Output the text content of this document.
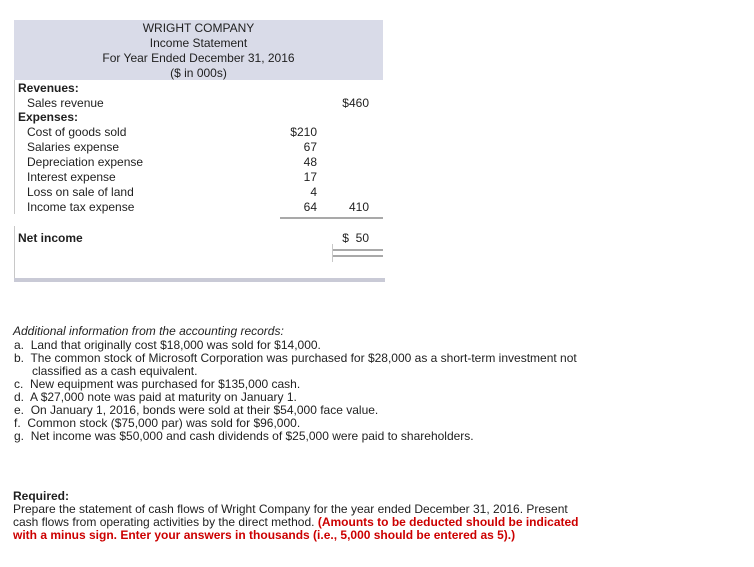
WRIGHT COMPANY
Income Statement
For Year Ended December 31, 2016
($ in 000s)
Revenues:
Sales revenue	$460
Expenses:
Cost of goods sold	$210
Salaries expense	67
Depreciation expense	48
Interest expense	17
Loss on sale of land	4
Income tax expense	64	410
Net income	$  50
Additional information from the accounting records:
a. Land that originally cost $18,000 was sold for $14,000.
b. The common stock of Microsoft Corporation was purchased for $28,000 as a short-term investment not
classified as a cash equivalent.
c. New equipment was purchased for $135,000 cash.
d. A $27,000 note was paid at maturity on January 1.
e. On January 1, 2016, bonds were sold at their $54,000 face value.
f. Common stock ($75,000 par) was sold for $96,000.
g. Net income was $50,000 and cash dividends of $25,000 were paid to shareholders.
Required:
Prepare the statement of cash flows of Wright Company for the year ended December 31, 2016. Present
cash flows from operating activities by the direct method. (Amounts to be deducted should be indicated
with a minus sign. Enter your answers in thousands (i.e., 5,000 should be entered as 5).)
